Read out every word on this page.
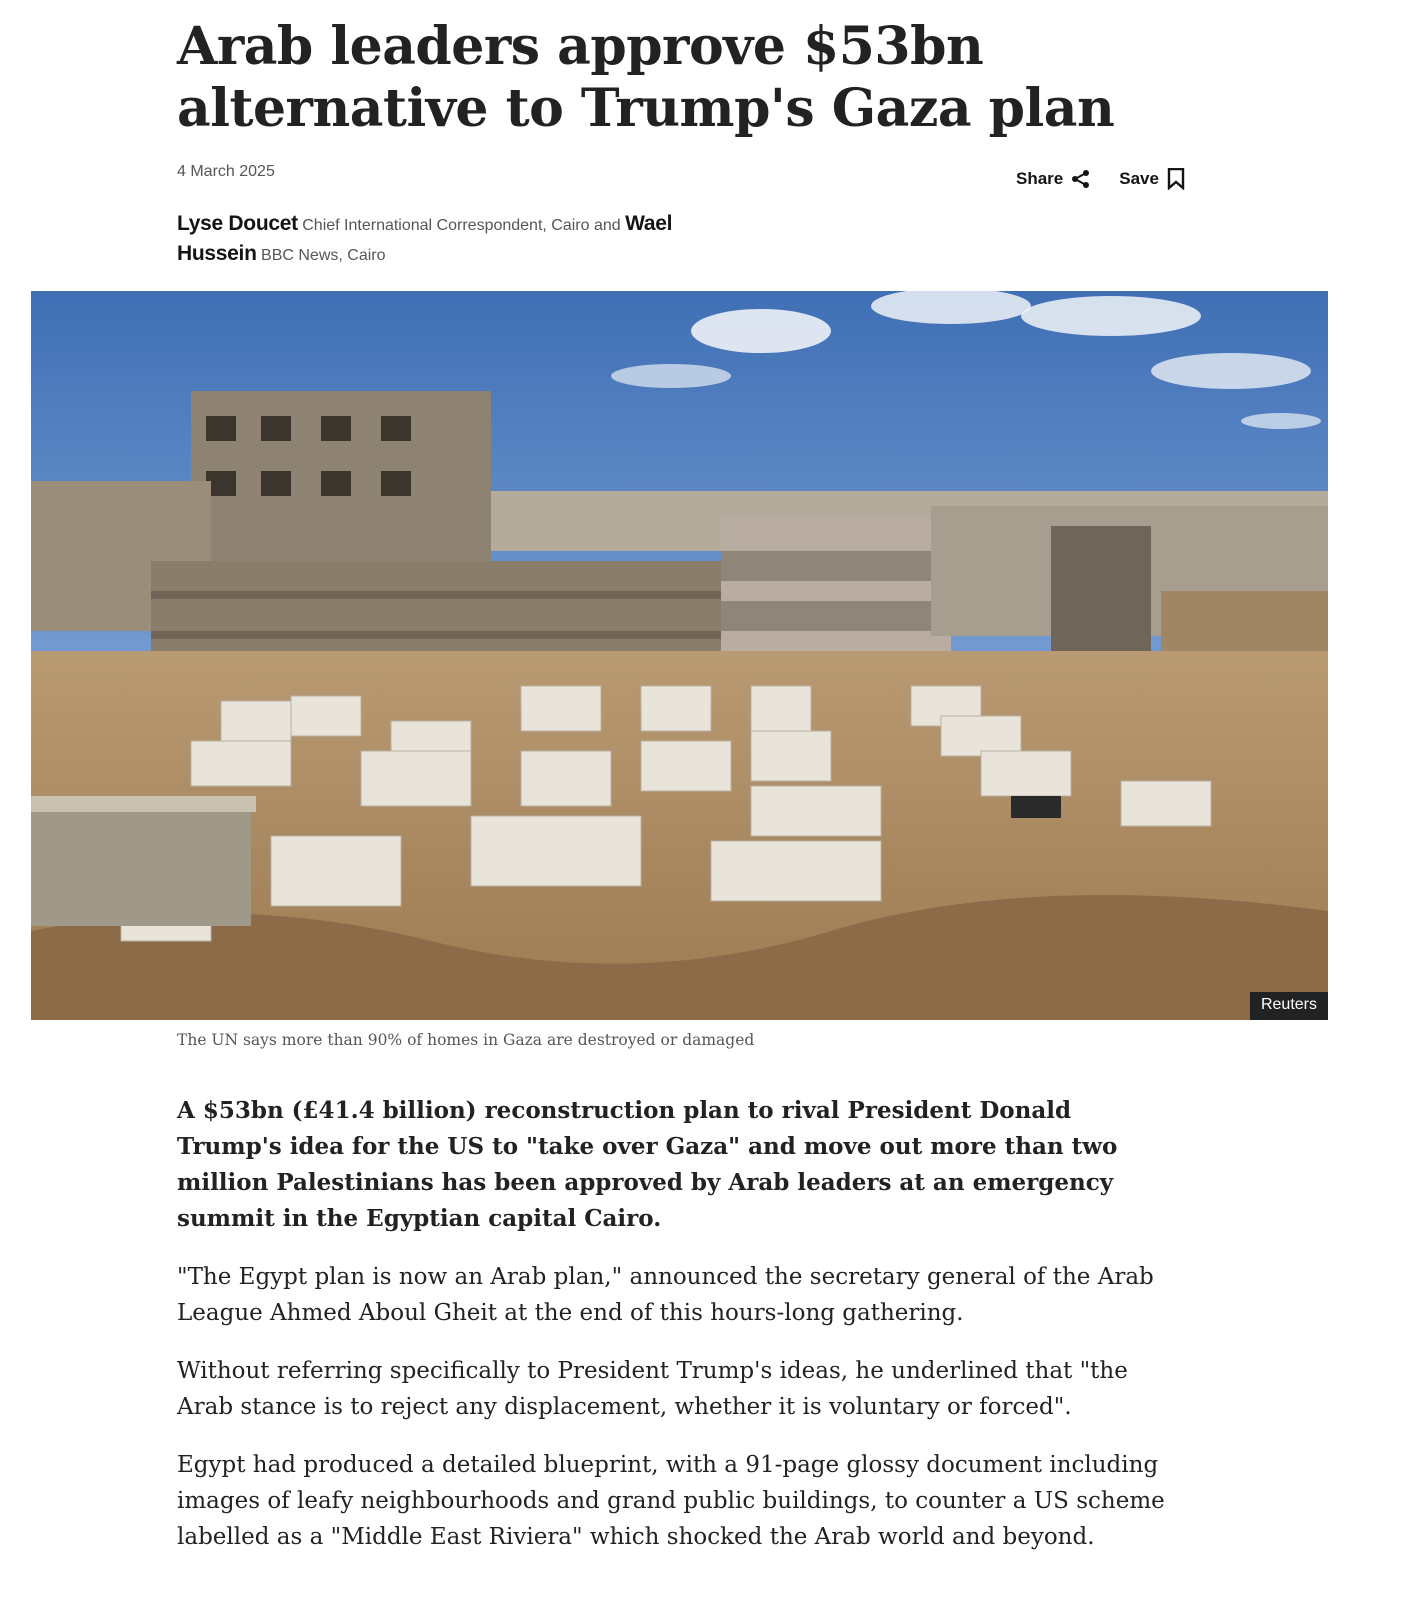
Arab leaders approve $53bn alternative to Trump's Gaza plan
4 March 2025	Share	Save
Lyse Doucet Chief International Correspondent, Cairo and Wael Hussein BBC News, Cairo
Reuters
The UN says more than 90% of homes in Gaza are destroyed or damaged

A $53bn (£41.4 billion) reconstruction plan to rival President Donald Trump's idea for the US to "take over Gaza" and move out more than two million Palestinians has been approved by Arab leaders at an emergency summit in the Egyptian capital Cairo.

"The Egypt plan is now an Arab plan," announced the secretary general of the Arab League Ahmed Aboul Gheit at the end of this hours-long gathering.

Without referring specifically to President Trump's ideas, he underlined that "the Arab stance is to reject any displacement, whether it is voluntary or forced".

Egypt had produced a detailed blueprint, with a 91-page glossy document including images of leafy neighbourhoods and grand public buildings, to counter a US scheme labelled as a "Middle East Riviera" which shocked the Arab world and beyond.
